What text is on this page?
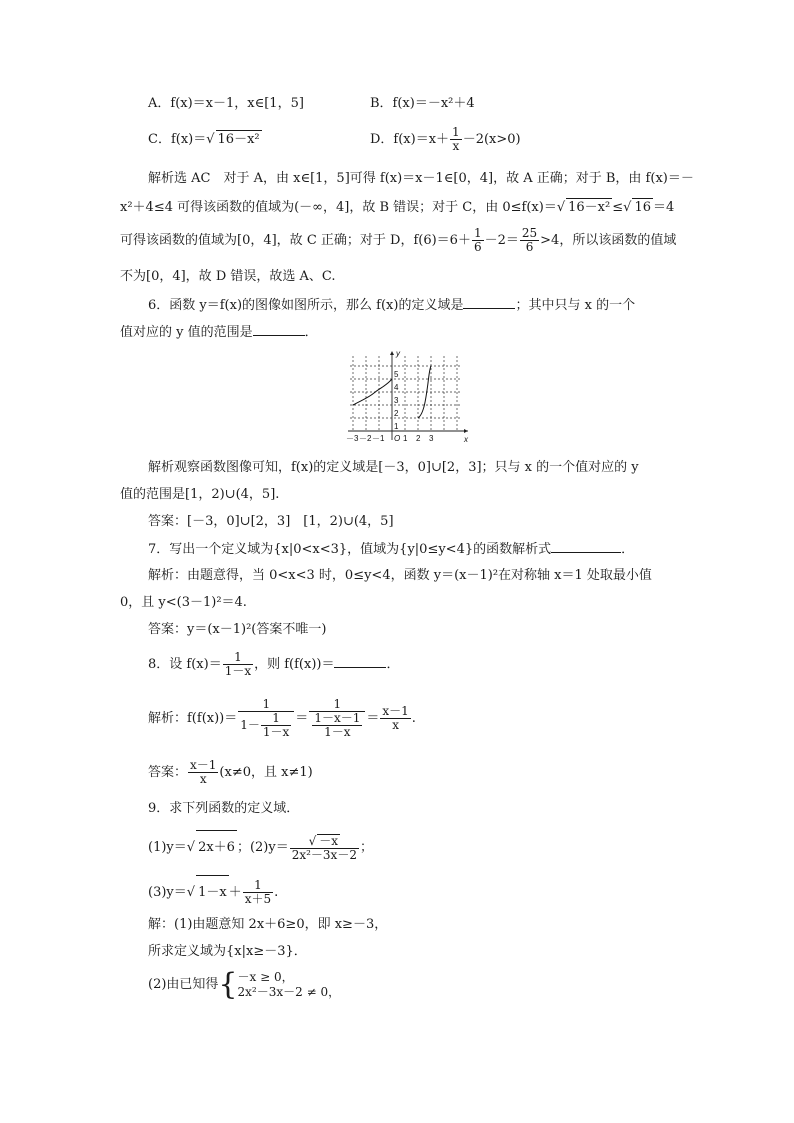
A．f(x)＝x－1，x∈[1，5]	B．f(x)＝－x²＋4
C．f(x)＝√ 16－x²	D．$f(x)=x+ \frac{1}{x} -2(x>0)$
解析选 AC　对于 A，由 x∈[1，5]可得 f(x)＝x－1∈[0，4]，故 A 正确；对于 B，由 f(x)＝－
x²＋4≤4 可得该函数的值域为(－∞，4]，故 B 错误；对于 C，由 0≤f(x)＝√ 16－x² ≤√ 16 ＝4
可得该函数的值域为[0，4]，故 C 正确；对于 D，$f(6)=6+ \frac{1}{6} -2= \frac{25}{6} >4$，所以该函数的值域
不为[0，4]，故 D 错误，故选 A、C.
6．函数 y＝f(x)的图像如图所示，那么 f(x)的定义域是	；其中只与 x 的一个
值对应的 y 值的范围是	．
－3 －2 －1 O 1 2 3	x
1
2
3
4
5
y
解析观察函数图像可知，f(x)的定义域是[－3，0]∪[2，3]；只与 x 的一个值对应的 y
值的范围是[1，2)∪(4，5].
答案：[－3，0]∪[2，3]　[1，2)∪(4，5]
7．写出一个定义域为{x|0<x<3}，值域为{y|0≤y<4}的函数解析式	．
解析：由题意得，当 0<x<3 时，0≤y<4，函数 y＝(x－1)²在对称轴 x＝1 处取最小值
0，且 y<(3－1)²＝4.
答案：y＝(x－1)²(答案不唯一)
8．设 $f(x)= \frac{1}{1-x}$ ，则 f(f(x))＝	．
解析：$f(f(x))= \frac{1}{1- \frac{1}{1-x}} = \frac{1}{\frac{1-x-1}{1-x}} = \frac{x-1}{x}$ .
答案： $\frac{x-1}{x} (x\ne 0$，且 x≠1)
9．求下列函数的定义域．
(1)y＝√ 2x＋6 ；$(2)y= \frac{√ -x}{\text{2x²－3x－2}}$ ；
(3)y＝√ $1-x + \frac{1}{x+5}$ .
解：(1)由题意知 2x＋6≥0，即 x≥－3，
所求定义域为{x|x≥－3}．
(2)由已知得{ －x ≥ 0，
2x²－3x－2 ≠ 0，
